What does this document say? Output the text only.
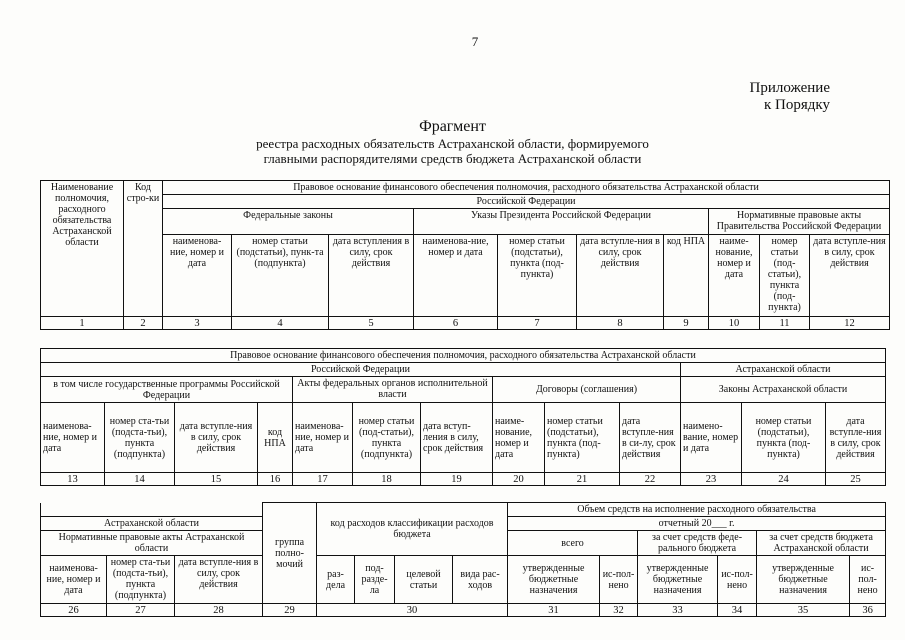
7
Приложение
к Порядку
Фрагмент
реестра расходных обязательств Астраханской области, формируемого
главными распорядителями средств бюджета Астраханской области
Наименование полномочия, расходного обязательства Астраханской области	Код стро-ки	Правовое основание финансового обеспечения полномочия, расходного обязательства Астраханской области									
		Российской Федерации									
		Федеральные законы			Указы Президента Российской Федерации				Нормативные правовые акты Правительства Российской Федерации		
		наименова-ние, номер и дата	номер статьи (подстатьи), пунк-та (подпункта)	дата вступления в силу, срок действия	наименова-ние, номер и дата	номер статьи (подстатьи), пункта (под-пункта)	дата вступле-ния в силу, срок действия	код НПА	наиме-нование, номер и дата	номер статьи (под-статьи), пункта (под-пункта)	дата вступле-ния в силу, срок действия
1	2	3	4	5	6	7	8	9	10	11	12
Правовое основание финансового обеспечения полномочия, расходного обязательства Астраханской области												
Российской Федерации										Астраханской области		
в том числе государственные программы Российской Федерации				Акты федеральных органов исполнительной власти			Договоры (соглашения)			Законы Астраханской области		
наименова-ние, номер и дата	номер ста-тьи (подста-тьи), пункта (подпункта)	дата вступле-ния в силу, срок действия	код НПА	наименова-ние, номер и дата	номер статьи (под-статьи), пункта (подпункта)	дата вступ-ления в силу, срок действия	наиме-нование, номер и дата	номер статьи (подстатьи), пункта (под-пункта)	дата вступле-ния в си-лу, срок действия	наимено-вание, номер и дата	номер статьи (подстатьи), пункта (под-пункта)	дата вступле-ния в силу, срок действия
13	14	15	16	17	18	19	20	21	22	23	24	25
			группа полно-мочий	код расходов классификации расходов бюджета				Объем средств на исполнение расходного обязательства					
Астраханской области								отчетный 20___ г.					
Нормативные правовые акты Астраханской области								всего		за счет средств феде-рального бюджета		за счет средств бюджета Астраханской области	
наименова-ние, номер и дата	номер ста-тьи (подста-тьи), пункта (подпункта)	дата вступле-ния в силу, срок действия		раз-дела	под-разде-ла	целевой статьи	вида рас-ходов	утвержденные бюджетные назначения	ис-пол-нено	утвержденные бюджетные назначения	ис-пол-нено	утвержденные бюджетные назначения	ис-пол-нено
26	27	28	29	30				31	32	33	34	35	36
